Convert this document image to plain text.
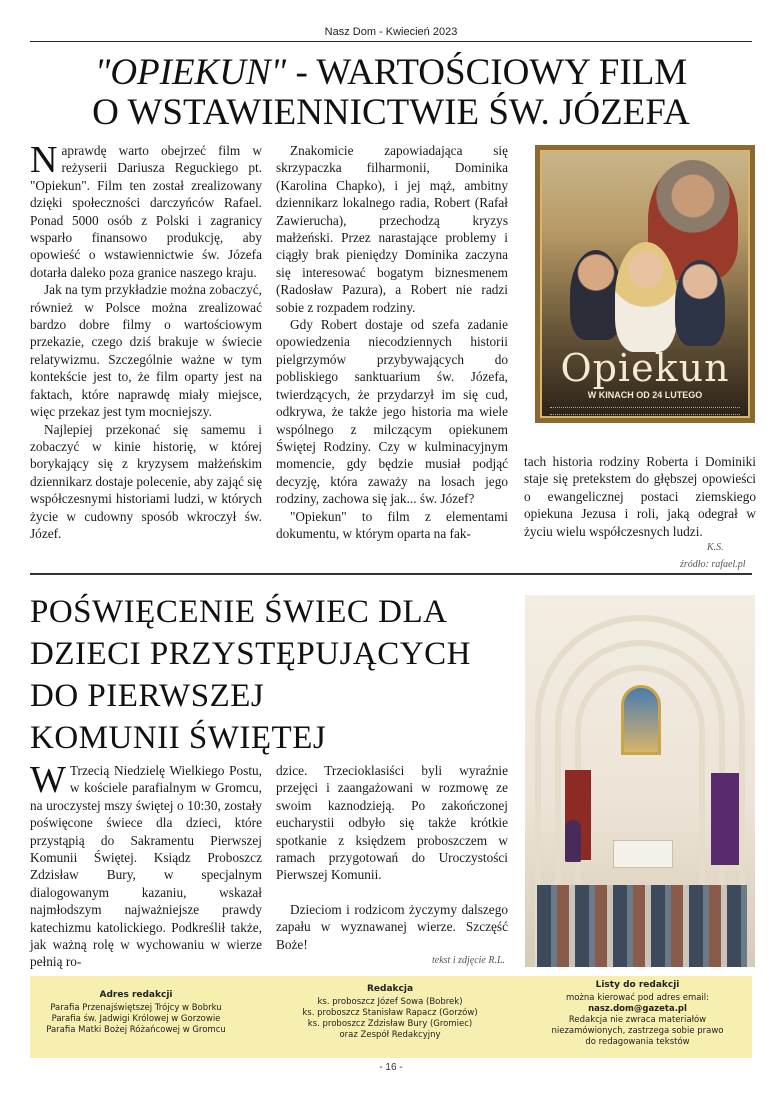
Nasz Dom - Kwiecień 2023
"OPIEKUN" - WARTOŚCIOWY FILM
O WSTAWIENNICTWIE ŚW. JÓZEFA

Naprawdę warto obejrzeć film w reżyserii Dariusza Reguckiego pt. "Opiekun". Film ten został zrealizowany dzięki społeczności darczyńców Rafael. Ponad 5000 osób z Polski i zagranicy wsparło finansowo produkcję, aby opowieść o wstawiennictwie św. Józefa dotarła daleko poza granice naszego kraju.

Jak na tym przykładzie można zobaczyć, również w Polsce można zrealizować bardzo dobre filmy o wartościowym przekazie, czego dziś brakuje w świecie relatywizmu. Szczególnie ważne w tym kontekście jest to, że film oparty jest na faktach, które naprawdę miały miejsce, więc przekaz jest tym mocniejszy.

Najlepiej przekonać się samemu i zobaczyć w kinie historię, w której borykający się z kryzysem małżeńskim dziennikarz dostaje polecenie, aby zająć się współczesnymi historiami ludzi, w których życie w cudowny sposób wkroczył św. Józef.

Znakomicie zapowiadająca się skrzypaczka filharmonii, Dominika (Karolina Chapko), i jej mąż, ambitny dziennikarz lokalnego radia, Robert (Rafał Zawierucha), przechodzą kryzys małżeński. Przez narastające problemy i ciągły brak pieniędzy Dominika zaczyna się interesować bogatym biznesmenem (Radosław Pazura), a Robert nie radzi sobie z rozpadem rodziny.

Gdy Robert dostaje od szefa zadanie opowiedzenia niecodziennych historii pielgrzymów przybywających do pobliskiego sanktuarium św. Józefa, twierdzących, że przydarzył im się cud, odkrywa, że także jego historia ma wiele wspólnego z milczącym opiekunem Świętej Rodziny. Czy w kulminacyjnym momencie, gdy będzie musiał podjąć decyzję, która zaważy na losach jego rodziny, zachowa się jak... św. Józef?

"Opiekun" to film z elementami dokumentu, w którym oparta na fak-

Opiekun
W KINACH OD 24 LUTEGO

tach historia rodziny Roberta i Dominiki staje się pretekstem do głębszej opowieści o ewangelicznej postaci ziemskiego opiekuna Jezusa i roli, jaką odegrał w życiu wielu współczesnych ludzi.

K.S.
źródło: rafael.pl
POŚWIĘCENIE ŚWIEC DLA
DZIECI PRZYSTĘPUJĄCYCH
DO PIERWSZEJ
KOMUNII ŚWIĘTEJ

W Trzecią Niedzielę Wielkiego Postu, w kościele parafialnym w Gromcu, na uroczystej mszy świętej o 10:30, zostały poświęcone świece dla dzieci, które przystąpią do Sakramentu Pierwszej Komunii Świętej. Ksiądz Proboszcz Zdzisław Bury, w specjalnym dialogowanym kazaniu, wskazał najmłodszym najważniejsze prawdy katechizmu katolickiego. Podkreślił także, jak ważną rolę w wychowaniu w wierze pełnią ro-

dzice. Trzecioklasiści byli wyraźnie przejęci i zaangażowani w rozmowę ze swoim kaznodzieją. Po zakończonej eucharystii odbyło się także krótkie spotkanie z księdzem proboszczem w ramach przygotowań do Uroczystości Pierwszej Komunii.

Dzieciom i rodzicom życzymy dalszego zapału w wyznawanej wierze. Szczęść Boże!

tekst i zdjęcie R.L.
Adres redakcji
Parafia Przenajświętszej Trójcy w Bobrku
Parafia św. Jadwigi Królowej w Gorzowie
Parafia Matki Bożej Różańcowej w Gromcu
Redakcja
ks. proboszcz Józef Sowa (Bobrek)
ks. proboszcz Stanisław Rapacz (Gorzów)
ks. proboszcz Zdzisław Bury (Gromiec)
oraz Zespół Redakcyjny
Listy do redakcji
można kierować pod adres email:
nasz.dom@gazeta.pl
Redakcja nie zwraca materiałów
niezamówionych, zastrzega sobie prawo
do redagowania tekstów
- 16 -
